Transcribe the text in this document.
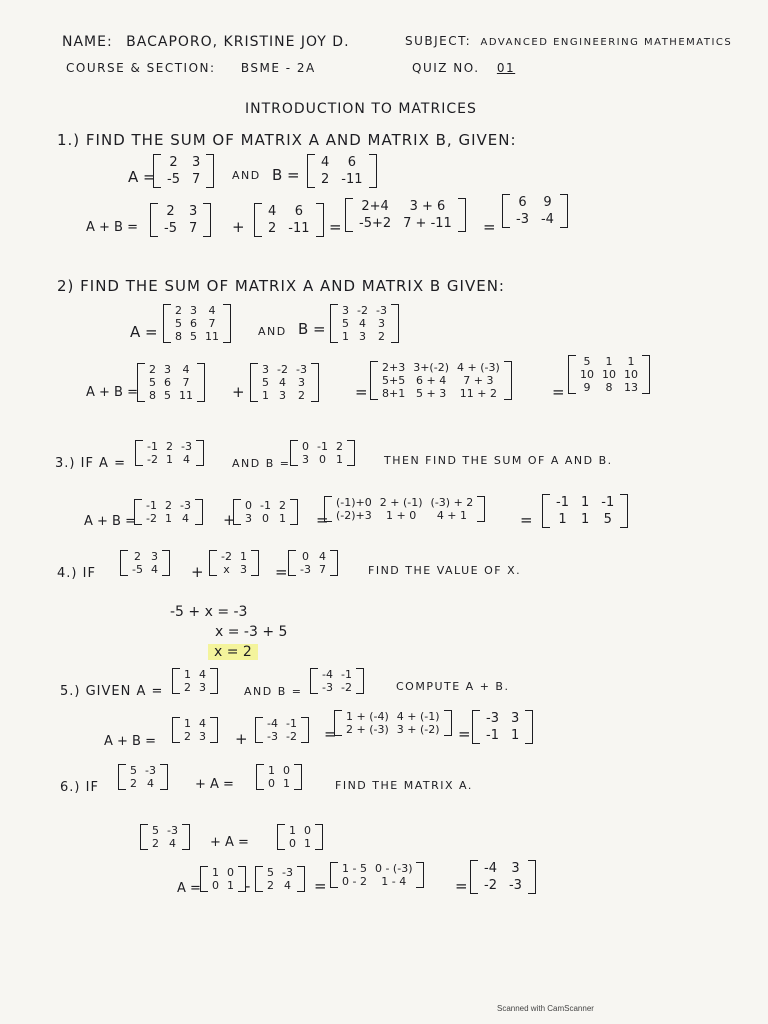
NAME: BACAPORO, KRISTINE JOY D.	SUBJECT: ADVANCED ENGINEERING MATHEMATICS
COURSE & SECTION: BSME - 2A	QUIZ NO. 01
INTRODUCTION TO MATRICES
1.) FIND THE SUM OF MATRIX A AND MATRIX B, GIVEN:
A =
2	3
-5	7	AND B =
4	6
2	-11
A + B =
2	3
-5	7 +
4	6
2	-11 =
2+4	3 + 6
-5+2	7 + -11 =
6	9
-3	-4
2) FIND THE SUM OF MATRIX A AND MATRIX B GIVEN:
A =
2	3	4
5	6	7
8	5	11	AND B =
3	-2	-3
5	4	3
1	3	2
A + B =
2	3	4
5	6	7
8	5	11	+
3	-2	-3
5	4	3
1	3	2	=
2+3	3+(-2)	4 + (-3)
5+5	6 + 4	7 + 3
8+1	5 + 3	11 + 2	=
5	1	1
10	10	10
9	8	13
3.) IF A =
-1	2	-3
-2	1	4	AND B =
0	-1	2
3	0	1	THEN FIND THE SUM OF A AND B.
A + B =
-1	2	-3
-2	1	4 +
0	-1	2
3	0	1 =
(-1)+0	2 + (-1)	(-3) + 2
(-2)+3	1 + 0	4 + 1	=
-1	1	-1
1	1	5
4.) IF
2	3
-5	4 +
-2	1
x	3 =
0	4
-3	7	FIND THE VALUE OF X.
-5 + x = -3
x = -3 + 5
x = 2
5.) GIVEN A =
1	4
2	3	AND B =
-4	-1
-3	-2	COMPUTE A + B.
A + B =
1	4
2	3 +
-4	-1
-3	-2 =
1 + (-4)	4 + (-1)
2 + (-3)	3 + (-2) =
-3	3
-1	1
6.) IF
5	-3
2	4	+ A =
1	0
0	1	FIND THE MATRIX A.
5	-3
2	4	+ A =
1	0
0	1
A =
1	0
0	1 -
5	-3
2	4 =
1 - 5	0 - (-3)
0 - 2	1 - 4	=
-4	3
-2	-3
Scanned with CamScanner
